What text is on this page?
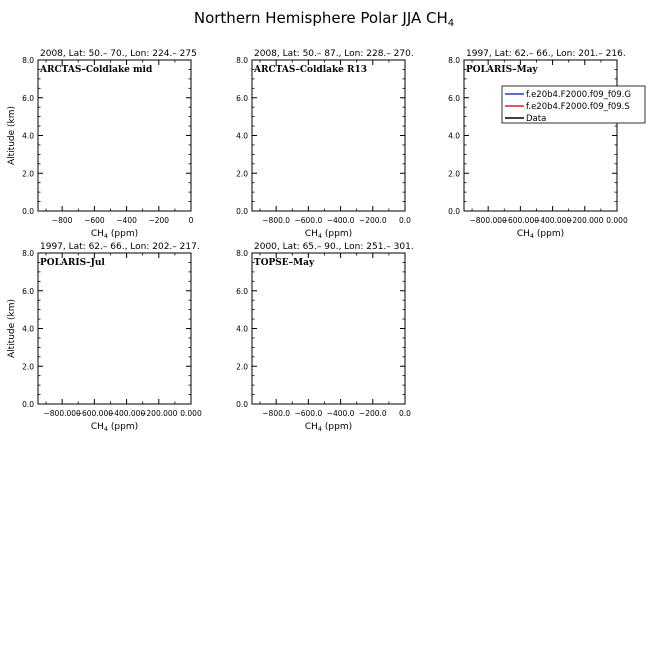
Northern Hemisphere Polar JJA $CH_4$
2008, Lat: 50.– 70., Lon: 224.– 275
ARCTAS–Coldlake mid
0.0
2.0
4.0
6.0
8.0
−800 −600 −400 −200	0
$CH_4$ (ppm)
Altitude (km)
2008, Lat: 50.– 87., Lon: 228.– 270.
ARCTAS–Coldlake R13
0.0
2.0
4.0
6.0
8.0
−800.0 −600.0 −400.0 −200.0 0.0
$CH_4$ (ppm)
1997, Lat: 62.– 66., Lon: 201.– 216.
POLARIS–May
0.0
2.0
4.0
6.0
8.0
−800.000
−600.000
−400.000
−200.000 0.000
$CH_4$ (ppm)
f.e20b4.F2000.f09_f09.G
f.e20b4.F2000.f09_f09.S
Data
1997, Lat: 62.– 66., Lon: 202.– 217.
POLARIS–Jul
0.0
2.0
4.0
6.0
8.0
−800.000
−600.000
−400.000
−200.000 0.000
$CH_4$ (ppm)
Altitude (km)
2000, Lat: 65.– 90., Lon: 251.– 301.
TOPSE–May
0.0
2.0
4.0
6.0
8.0
−800.0 −600.0 −400.0 −200.0 0.0
$CH_4$ (ppm)
